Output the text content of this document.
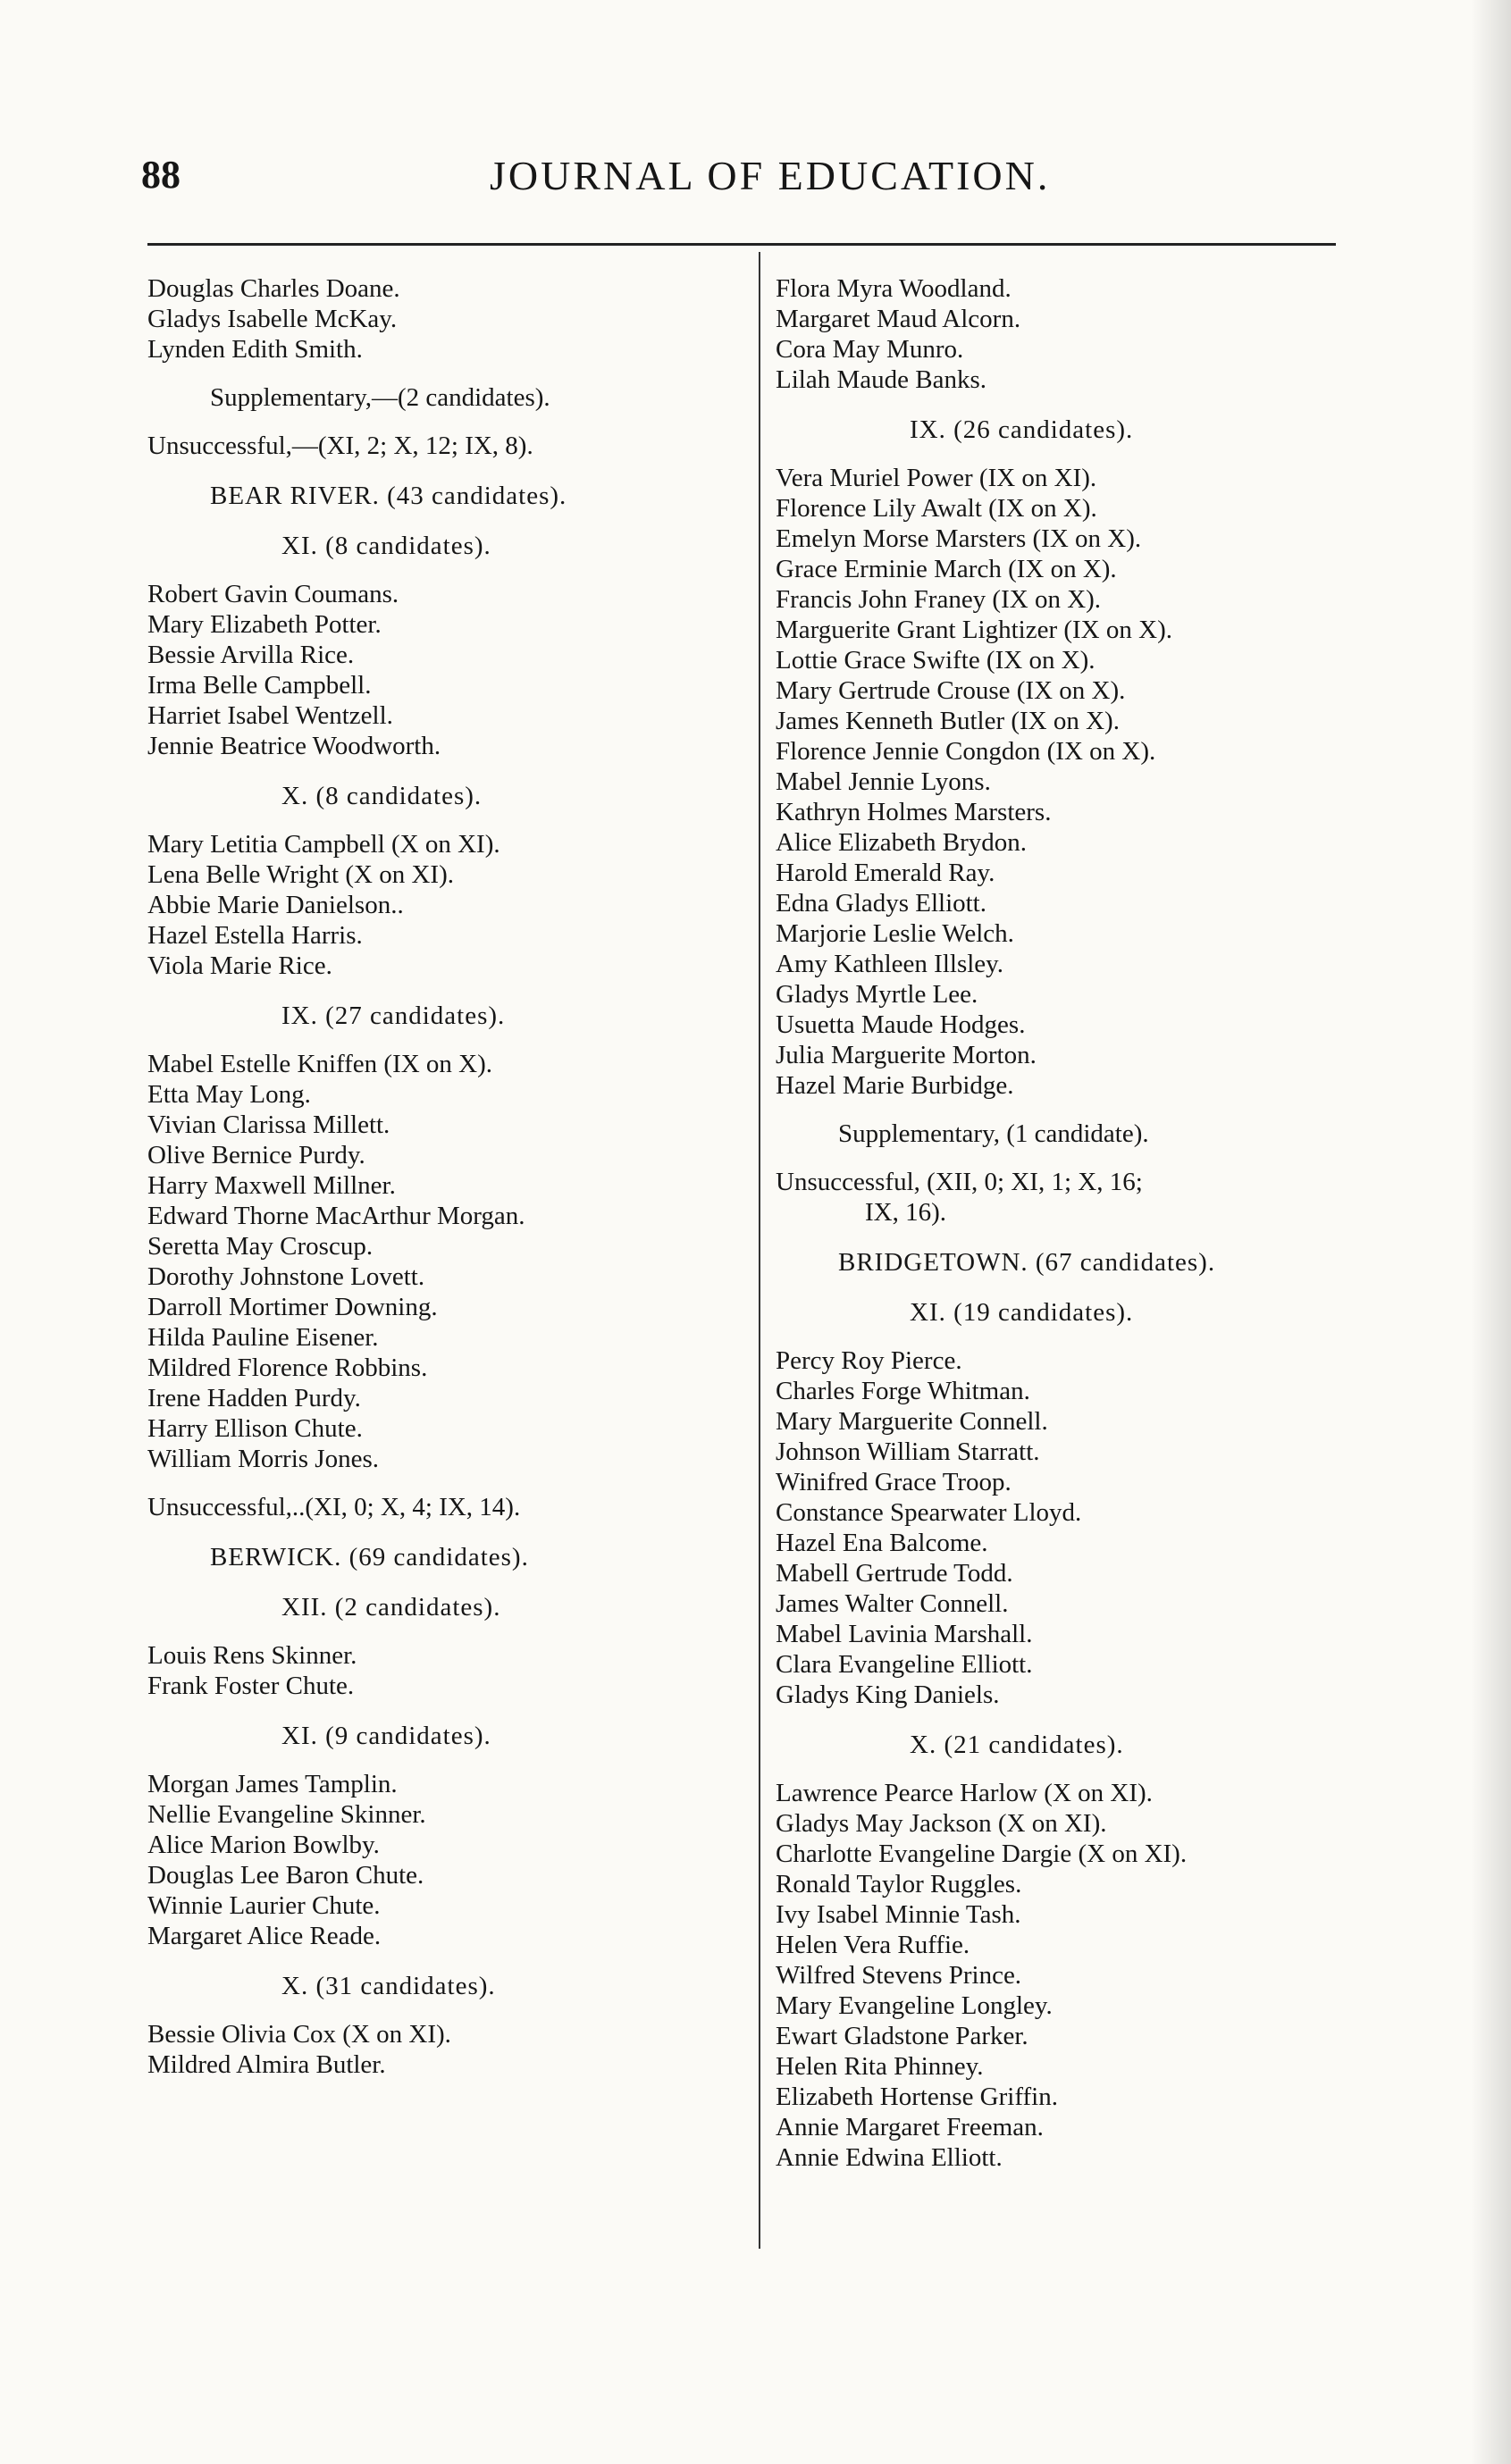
88	JOURNAL OF EDUCATION.
Douglas Charles Doane.
Gladys Isabelle McKay.
Lynden Edith Smith.
Supplementary,—(2 candidates).
Unsuccessful,—(XI, 2; X, 12; IX, 8).
BEAR RIVER. (43 candidates).
XI. (8 candidates).
Robert Gavin Coumans.
Mary Elizabeth Potter.
Bessie Arvilla Rice.
Irma Belle Campbell.
Harriet Isabel Wentzell.
Jennie Beatrice Woodworth.
X. (8 candidates).
Mary Letitia Campbell (X on XI).
Lena Belle Wright (X on XI).
Abbie Marie Danielson..
Hazel Estella Harris.
Viola Marie Rice.
IX. (27 candidates).
Mabel Estelle Kniffen (IX on X).
Etta May Long.
Vivian Clarissa Millett.
Olive Bernice Purdy.
Harry Maxwell Millner.
Edward Thorne MacArthur Morgan.
Seretta May Croscup.
Dorothy Johnstone Lovett.
Darroll Mortimer Downing.
Hilda Pauline Eisener.
Mildred Florence Robbins.
Irene Hadden Purdy.
Harry Ellison Chute.
William Morris Jones.
Unsuccessful,..(XI, 0; X, 4; IX, 14).
BERWICK. (69 candidates).
XII. (2 candidates).
Louis Rens Skinner.
Frank Foster Chute.
XI. (9 candidates).
Morgan James Tamplin.
Nellie Evangeline Skinner.
Alice Marion Bowlby.
Douglas Lee Baron Chute.
Winnie Laurier Chute.
Margaret Alice Reade.
X. (31 candidates).
Bessie Olivia Cox (X on XI).
Mildred Almira Butler.
Flora Myra Woodland.
Margaret Maud Alcorn.
Cora May Munro.
Lilah Maude Banks.
IX. (26 candidates).
Vera Muriel Power (IX on XI).
Florence Lily Awalt (IX on X).
Emelyn Morse Marsters (IX on X).
Grace Erminie March (IX on X).
Francis John Franey (IX on X).
Marguerite Grant Lightizer (IX on X).
Lottie Grace Swifte (IX on X).
Mary Gertrude Crouse (IX on X).
James Kenneth Butler (IX on X).
Florence Jennie Congdon (IX on X).
Mabel Jennie Lyons.
Kathryn Holmes Marsters.
Alice Elizabeth Brydon.
Harold Emerald Ray.
Edna Gladys Elliott.
Marjorie Leslie Welch.
Amy Kathleen Illsley.
Gladys Myrtle Lee.
Usuetta Maude Hodges.
Julia Marguerite Morton.
Hazel Marie Burbidge.
Supplementary, (1 candidate).
Unsuccessful, (XII, 0; XI, 1; X, 16;
IX, 16).
BRIDGETOWN. (67 candidates).
XI. (19 candidates).
Percy Roy Pierce.
Charles Forge Whitman.
Mary Marguerite Connell.
Johnson William Starratt.
Winifred Grace Troop.
Constance Spearwater Lloyd.
Hazel Ena Balcome.
Mabell Gertrude Todd.
James Walter Connell.
Mabel Lavinia Marshall.
Clara Evangeline Elliott.
Gladys King Daniels.
X. (21 candidates).
Lawrence Pearce Harlow (X on XI).
Gladys May Jackson (X on XI).
Charlotte Evangeline Dargie (X on XI).
Ronald Taylor Ruggles.
Ivy Isabel Minnie Tash.
Helen Vera Ruffie.
Wilfred Stevens Prince.
Mary Evangeline Longley.
Ewart Gladstone Parker.
Helen Rita Phinney.
Elizabeth Hortense Griffin.
Annie Margaret Freeman.
Annie Edwina Elliott.
